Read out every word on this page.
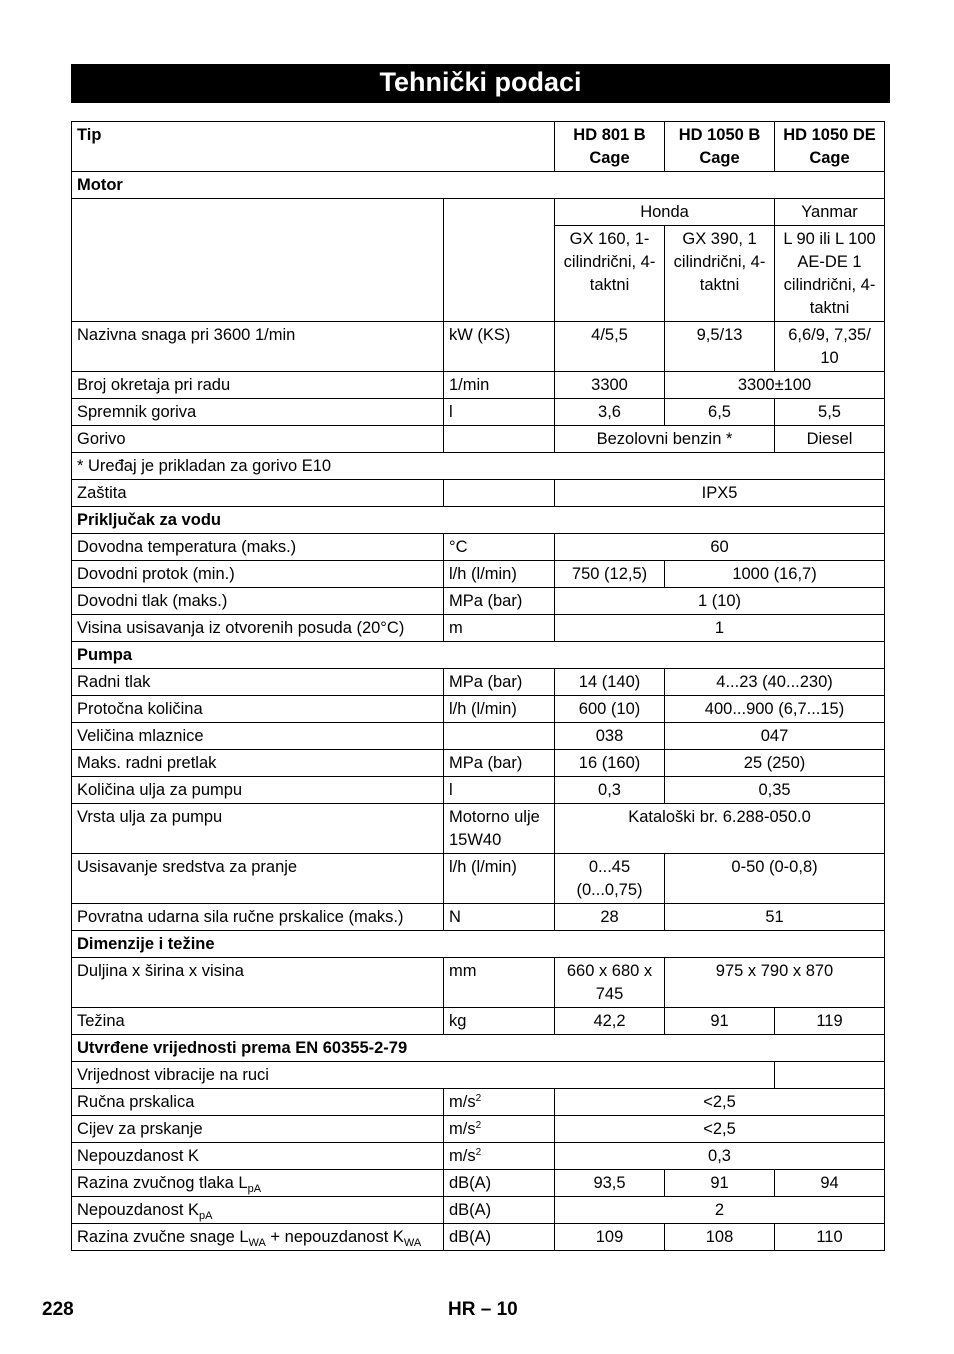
Tehnički podaci
Tip		HD 801 B Cage	HD 1050 B Cage	HD 1050 DE Cage
Motor				
		Honda		Yanmar
		GX 160, 1-cilindrični, 4-taktni	GX 390, 1 cilindrični, 4-taktni	L 90 ili L 100 AE-DE 1 cilindrični, 4-taktni
Nazivna snaga pri 3600 1/min	kW (KS)	4/5,5	9,5/13	6,6/9, 7,35/ 10
Broj okretaja pri radu	1/min	3300	3300±100	
Spremnik goriva	l	3,6	6,5	5,5
Gorivo		Bezolovni benzin *		Diesel
* Uređaj je prikladan za gorivo E10				
Zaštita		IPX5		
Priključak za vodu				
Dovodna temperatura (maks.)	°C	60		
Dovodni protok (min.)	l/h (l/min)	750 (12,5)	1000 (16,7)	
Dovodni tlak (maks.)	MPa (bar)	1 (10)		
Visina usisavanja iz otvorenih posuda (20°C)	m	1		
Pumpa				
Radni tlak	MPa (bar)	14 (140)	4...23 (40...230)	
Protočna količina	l/h (l/min)	600 (10)	400...900 (6,7...15)	
Veličina mlaznice		038	047	
Maks. radni pretlak	MPa (bar)	16 (160)	25 (250)	
Količina ulja za pumpu	l	0,3	0,35	
Vrsta ulja za pumpu	Motorno ulje 15W40	Kataloški br. 6.288-050.0		
Usisavanje sredstva za pranje	l/h (l/min)	0...45 (0...0,75)	0-50 (0-0,8)	
Povratna udarna sila ručne prskalice (maks.)	N	28	51	
Dimenzije i težine				
Duljina x širina x visina	mm	660 x 680 x 745	975 x 790 x 870	
Težina	kg	42,2	91	119
Utvrđene vrijednosti prema EN 60355-2-79				
Vrijednost vibracije na ruci				
Ručna prskalica	$m/s^2$	<2,5		
Cijev za prskanje	$m/s^2$	<2,5		
Nepouzdanost K	$m/s^2$	0,3		
Razina zvučnog tlaka $L_{pA}$	dB(A)	93,5	91	94
Nepouzdanost $K_{pA}$	dB(A)	2		
Razina zvučne snage $L_{WA}$ + nepouzdanost $K_{WA}$	dB(A)	109	108	110
228	HR – 10
